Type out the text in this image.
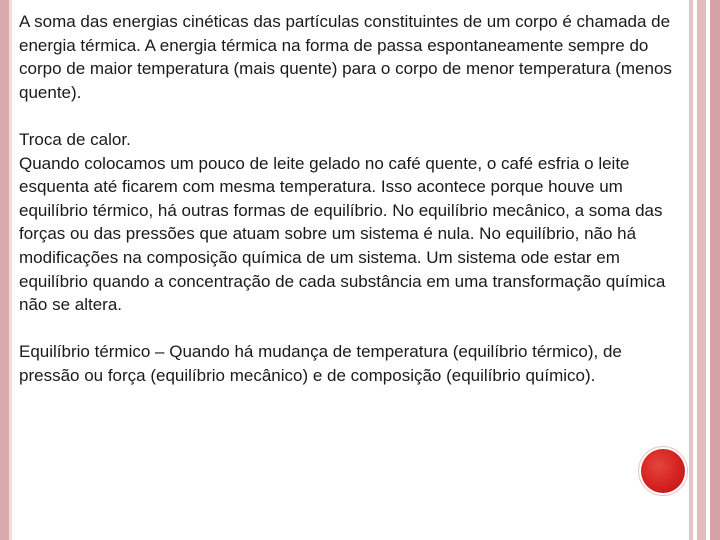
A soma das energias cinéticas das partículas constituintes de um corpo é chamada de energia térmica. A energia térmica na forma de passa espontaneamente sempre do corpo de maior temperatura (mais quente) para o corpo de menor temperatura (menos quente).

Troca de calor.

Quando colocamos um pouco de leite gelado no café quente, o café esfria o leite esquenta até ficarem com mesma temperatura. Isso acontece porque houve um equilíbrio térmico, há outras formas de equilíbrio. No equilíbrio mecânico, a soma das forças ou das pressões que atuam sobre um sistema é nula. No equilíbrio, não há modificações na composição química de um sistema. Um sistema ode estar em equilíbrio quando a concentração de cada substância em uma transformação química não se altera.

Equilíbrio térmico – Quando há mudança de temperatura (equilíbrio térmico), de pressão ou força (equilíbrio mecânico) e de composição (equilíbrio químico).
